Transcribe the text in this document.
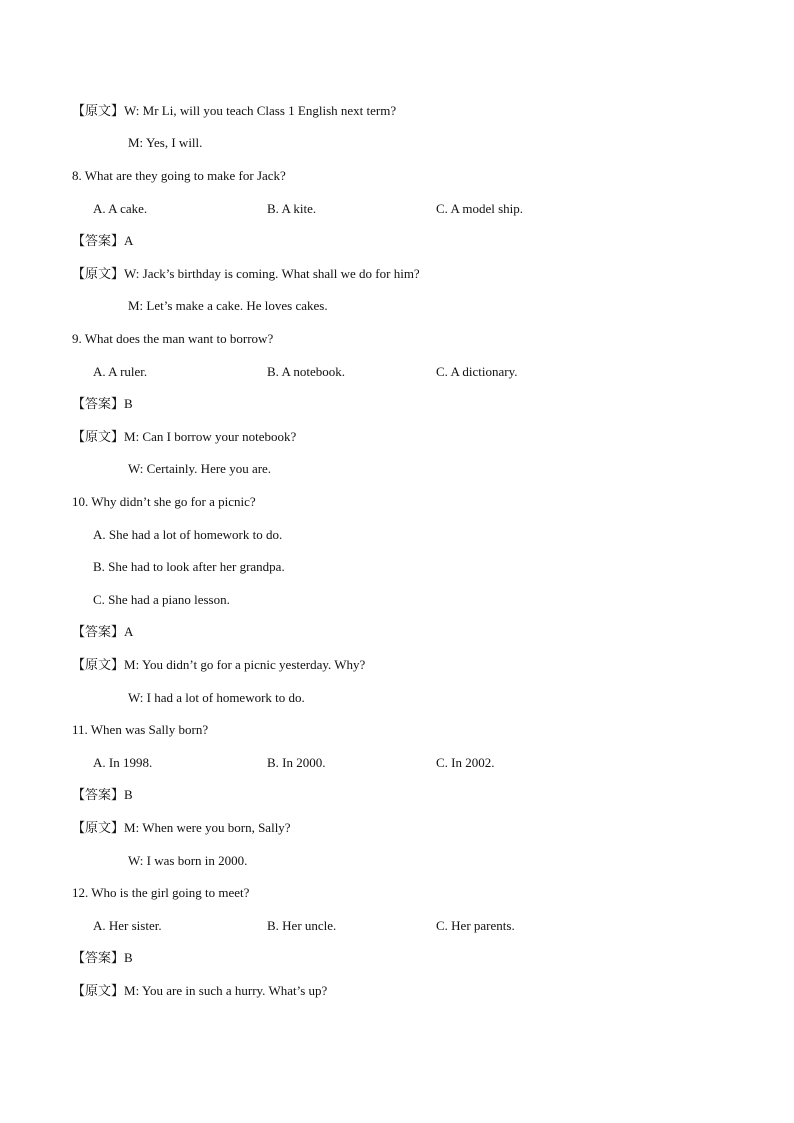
【原文】W: Mr Li, will you teach Class 1 English next term?
M: Yes, I will.
8. What are they going to make for Jack?
A. A cake.	B. A kite.	C. A model ship.
【答案】A
【原文】W: Jack’s birthday is coming. What shall we do for him?
M: Let’s make a cake. He loves cakes.
9. What does the man want to borrow?
A. A ruler.	B. A notebook.	C. A dictionary.
【答案】B
【原文】M: Can I borrow your notebook?
W: Certainly. Here you are.
10. Why didn’t she go for a picnic?
A. She had a lot of homework to do.
B. She had to look after her grandpa.
C. She had a piano lesson.
【答案】A
【原文】M: You didn’t go for a picnic yesterday. Why?
W: I had a lot of homework to do.
11. When was Sally born?
A. In 1998.	B. In 2000.	C. In 2002.
【答案】B
【原文】M: When were you born, Sally?
W: I was born in 2000.
12. Who is the girl going to meet?
A. Her sister.	B. Her uncle.	C. Her parents.
【答案】B
【原文】M: You are in such a hurry. What’s up?
